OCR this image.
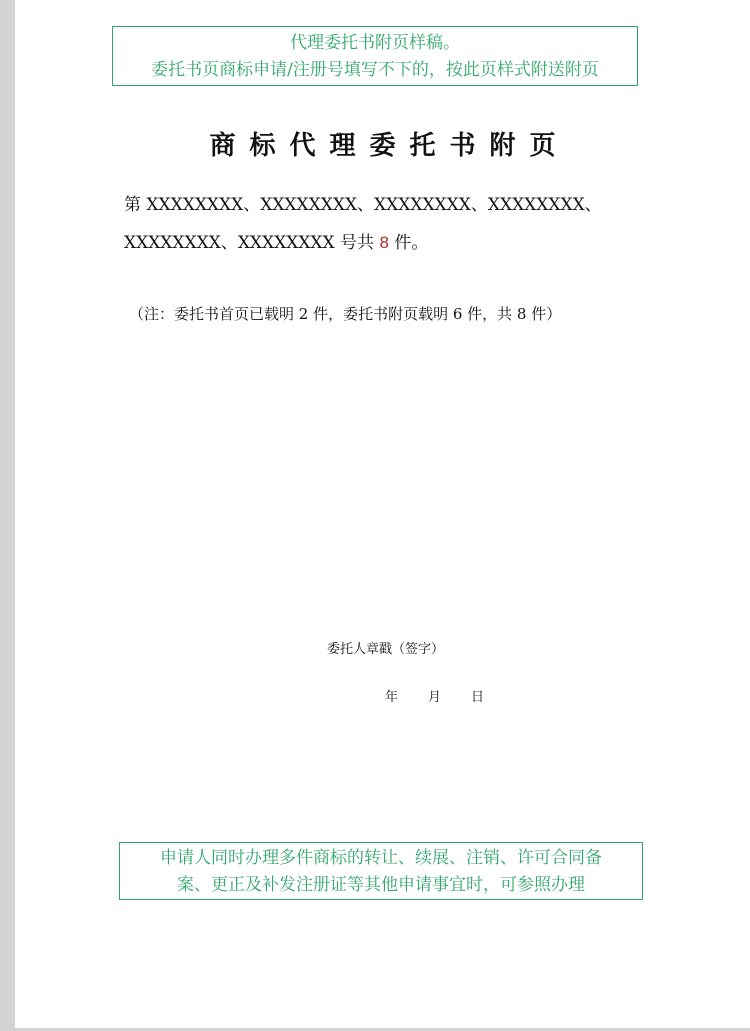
代理委托书附页样稿。
委托书页商标申请/注册号填写不下的，按此页样式附送附页
商标代理委托书附页
第 XXXXXXXX、XXXXXXXX、XXXXXXXX、XXXXXXXX、
XXXXXXXX、XXXXXXXX 号共 8 件。
（注：委托书首页已载明 2 件，委托书附页载明 6 件，共 8 件）
委托人章戳（签字）
年 月 日
申请人同时办理多件商标的转让、续展、注销、许可合同备
案、更正及补发注册证等其他申请事宜时，可参照办理
